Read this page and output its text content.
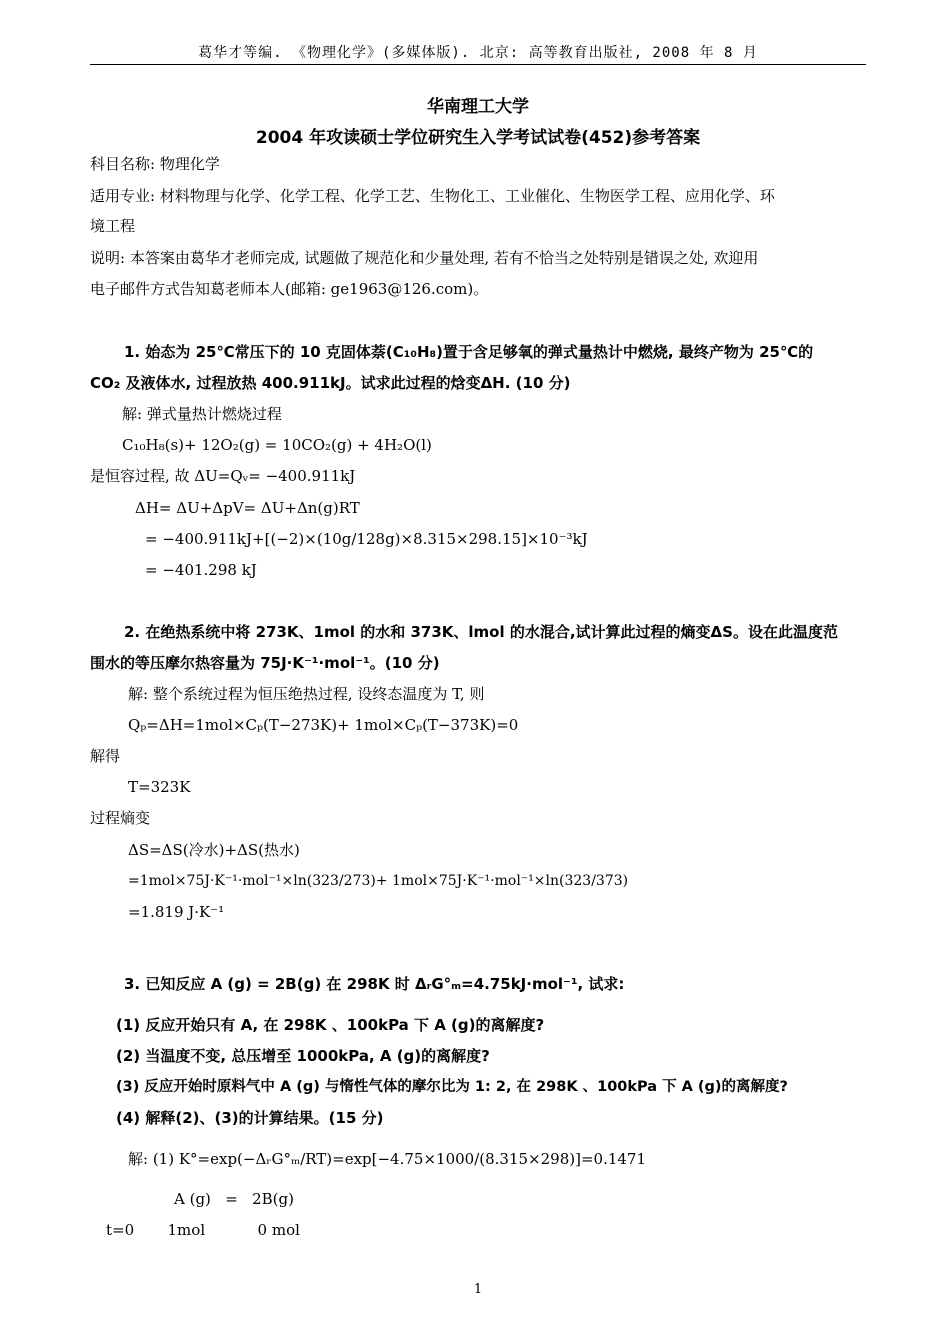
葛华才等编. 《物理化学》(多媒体版). 北京: 高等教育出版社, 2008 年 8 月
华南理工大学
2004 年攻读硕士学位研究生入学考试试卷(452)参考答案
科目名称: 物理化学
适用专业: 材料物理与化学、化学工程、化学工艺、生物化工、工业催化、生物医学工程、应用化学、环
境工程
说明: 本答案由葛华才老师完成, 试题做了规范化和少量处理, 若有不恰当之处特别是错误之处, 欢迎用
电子邮件方式告知葛老师本人(邮箱: ge1963@126.com)。
1. 始态为 25℃常压下的 10 克固体萘(C₁₀H₈)置于含足够氧的弹式量热计中燃烧, 最终产物为 25℃的
CO₂ 及液体水, 过程放热 400.911kJ。试求此过程的焓变ΔH. (10 分)
解: 弹式量热计燃烧过程
C₁₀H₈(s)+ 12O₂(g) = 10CO₂(g) + 4H₂O(l)
是恒容过程, 故 ΔU=Qᵥ= −400.911kJ
ΔH= ΔU+ΔpV= ΔU+Δn(g)RT
= −400.911kJ+[(−2)×(10g/128g)×8.315×298.15]×10⁻³kJ
= −401.298 kJ
2. 在绝热系统中将 273K、1mol 的水和 373K、lmol 的水混合,试计算此过程的熵变ΔS。设在此温度范
围水的等压摩尔热容量为 75J·K⁻¹·mol⁻¹。(10 分)
解: 整个系统过程为恒压绝热过程, 设终态温度为 T, 则
Qₚ=ΔH=1mol×Cₚ(T−273K)+ 1mol×Cₚ(T−373K)=0
解得
T=323K
过程熵变
ΔS=ΔS(冷水)+ΔS(热水)
=1mol×75J·K⁻¹·mol⁻¹×ln(323/273)+ 1mol×75J·K⁻¹·mol⁻¹×ln(323/373)
=1.819 J·K⁻¹
3. 已知反应 A (g) = 2B(g) 在 298K 时 ΔᵣG°ₘ=4.75kJ·mol⁻¹, 试求:
(1) 反应开始只有 A, 在 298K 、100kPa 下 A (g)的离解度?
(2) 当温度不变, 总压增至 1000kPa, A (g)的离解度?
(3) 反应开始时原料气中 A (g) 与惰性气体的摩尔比为 1: 2, 在 298K 、100kPa 下 A (g)的离解度?
(4) 解释(2)、(3)的计算结果。(15 分)
解: (1) K°=exp(−ΔᵣG°ₘ/RT)=exp[−4.75×1000/(8.315×298)]=0.1471
A (g)   =   2B(g)
t=0       1mol           0 mol
1
